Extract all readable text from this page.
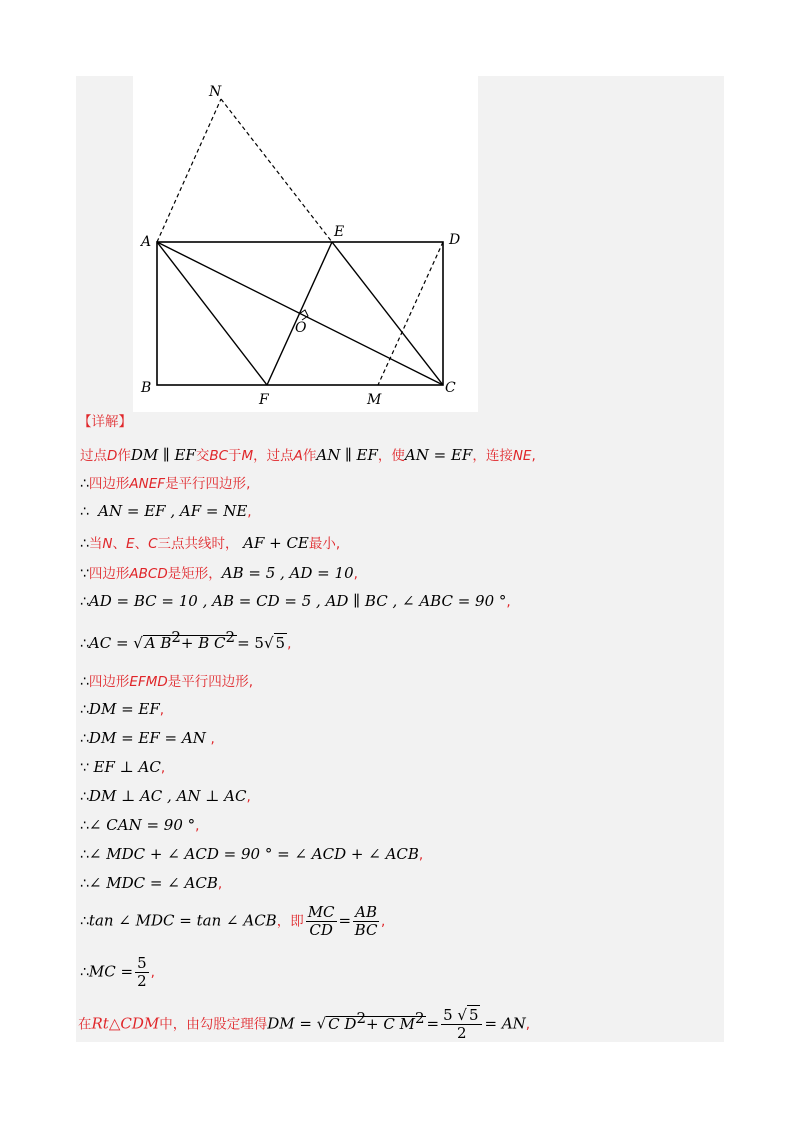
N
A
E	D
O
B
F	M
C
【详解】
过点D作DM ∥ EF交BC于M，过点A作AN ∥ EF，使AN = EF，连接NE,
∴四边形ANEF是平行四边形,
∴ AN = EF , AF = NE,
∴当N、E、C三点共线时， AF + CE最小,
∵四边形ABCD是矩形，AB = 5 , AD = 10,
∴AD = BC = 10 , AB = CD = 5 , AD ∥ BC , ∠ ABC = 90 °,
∴AC = √ A $B^2+ B$ $C^2 = 5√$ 5 ,
∴四边形EFMD是平行四边形,
∴DM = EF,
∴DM = EF = AN ,
∵ EF ⊥ AC,
∴DM ⊥ AC , AN ⊥ AC,
∴∠ CAN = 90 °,
∴∠ MDC + ∠ ACD = 90 ° = ∠ ACD + ∠ ACB,
∴∠ MDC = ∠ ACB,
∴tan ∠ MDC = tan ∠ ACB，即 $\frac{MC}{CD} = \frac{AB}{BC}$ ,
∴MC = $\frac{5}{2}$ ,
在Rt△CDM中，由勾股定理得DM = √ C $D^2+ C$ $M^2 = \frac{5 √ 5}{2}$ = AN,
